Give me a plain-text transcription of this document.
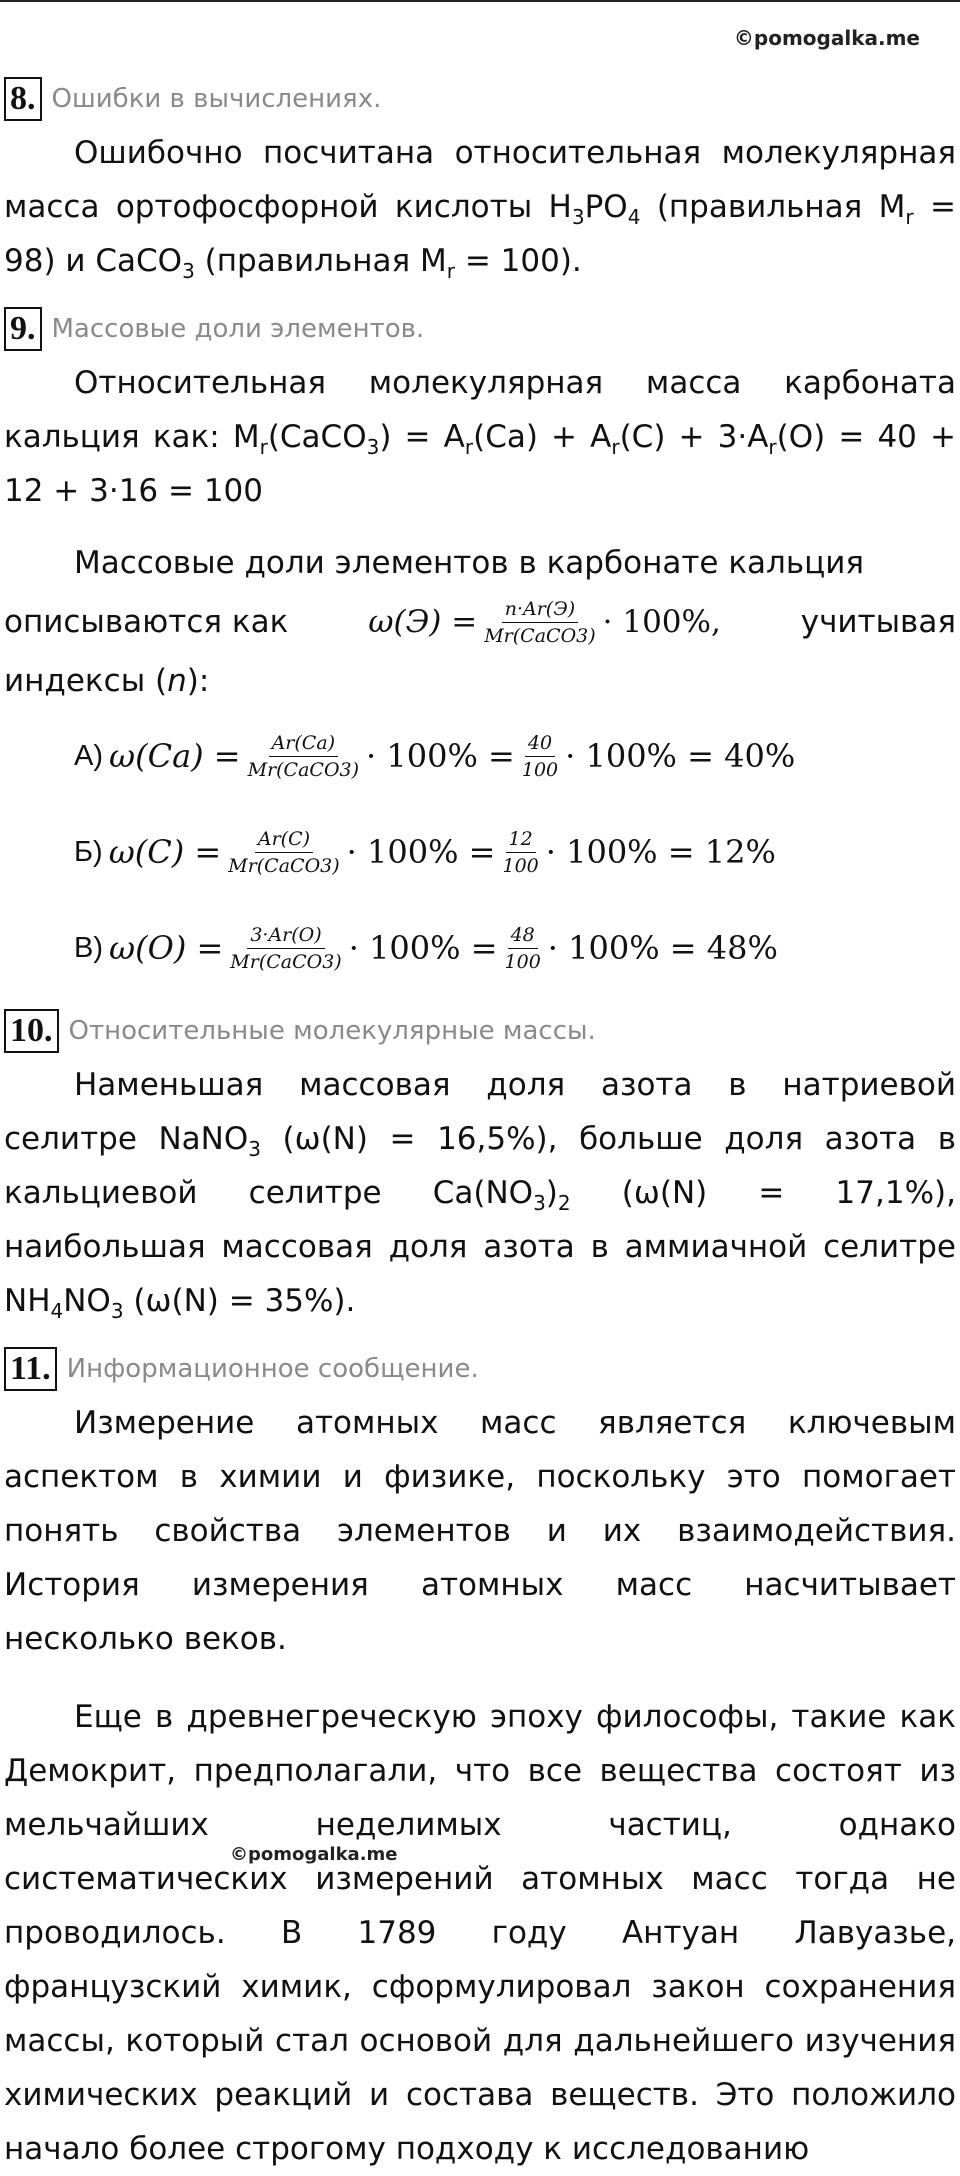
©pomogalka.me
8. Ошибки в вычислениях.

Ошибочно посчитана относительная молекулярная масса ортофосфорной кислоты $H_3PO_4$ (правильная $M_r = 98$) и CaCO$_3$ (правильная $M_r = 100$).

9. Массовые доли элементов.

Относительная молекулярная масса карбоната кальция как: $M_r(CaCO_3) = A_r(Ca) + A_r(C) + 3\cdot A_r(O) = 40 + 12 + 3\cdot 16 = 100$

Массовые доли элементов в карбонате кальция

описываются как	$\omega(Э) = \frac{n\cdot Ar(Э)}{\text{Mr(CaCO3)}} \cdot 100\%$,	учитывая

индексы (n):

А) $\omega(Ca) = \frac{Ar(Ca)}{\text{Mr(CaCO3)}} \cdot 100\% = \frac{40}{100} \cdot 100\% = 40\%$
Б) $\omega(C) = \frac{Ar(C)}{\text{Mr(CaCO3)}} \cdot 100\% = \frac{12}{100} \cdot 100\% = 12\%$
В) $\omega(O) = \frac{3\cdot Ar(O)}{\text{Mr(CaCO3)}} \cdot 100\% = \frac{48}{100} \cdot 100\% = 48\%$
10. Относительные молекулярные массы.

Наменьшая массовая доля азота в натриевой селитре NaNO$_3$ (ω(N) = 16,5%), больше доля азота в кальциевой селитре $Ca(NO_3)_2$ (ω(N) = 17,1%), наибольшая массовая доля азота в аммиачной селитре $NH_4NO_3$ (ω(N) = 35%).

11. Информационное сообщение.

Измерение атомных масс является ключевым аспектом в химии и физике, поскольку это помогает понять свойства элементов и их взаимодействия. История измерения атомных масс насчитывает несколько веков.

Еще в древнегреческую эпоху философы, такие как Демокрит, предполагали, что все вещества состоят из мельчайших неделимых частиц, однако систематических измерений атомных масс тогда не проводилось. В 1789 году Антуан Лавуазье, французский химик, сформулировал закон сохранения массы, который стал основой для дальнейшего изучения химических реакций и состава веществ. Это положило начало более строгому подходу к исследованию

©pomogalka.me
